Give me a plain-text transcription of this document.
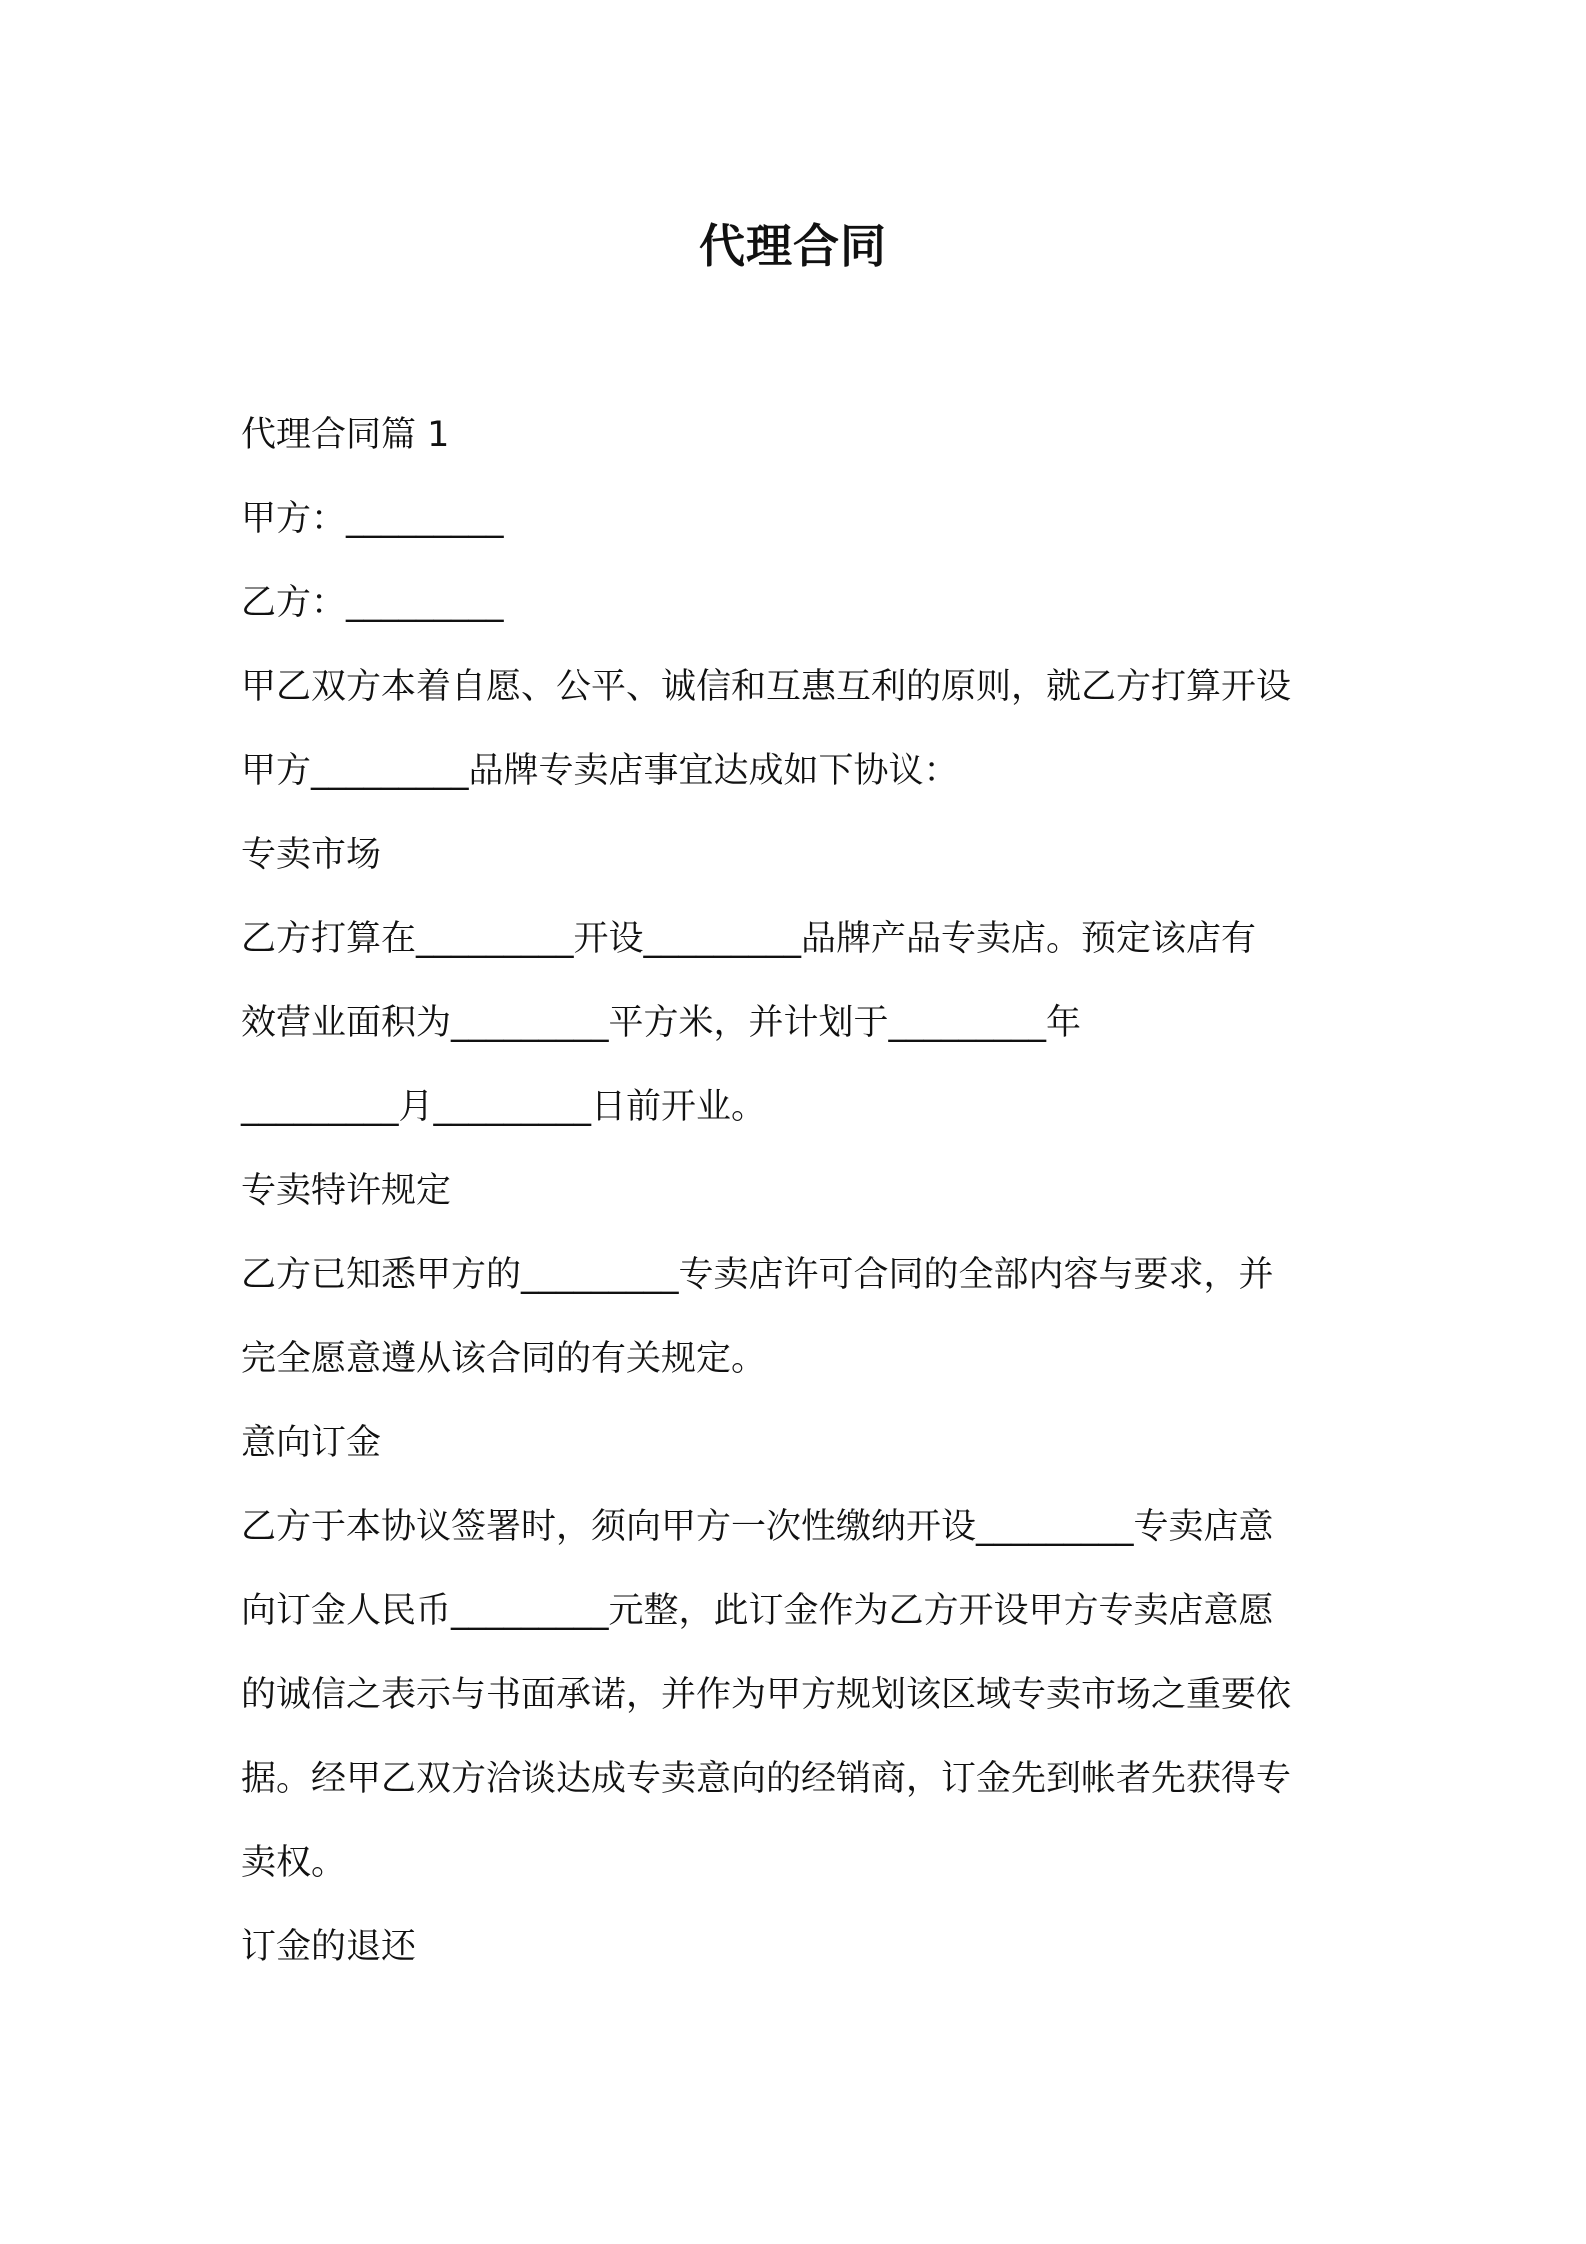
代理合同
代理合同篇 1
甲方：_________
乙方：_________
甲乙双方本着自愿、公平、诚信和互惠互利的原则，就乙方打算开设
甲方_________品牌专卖店事宜达成如下协议：
专卖市场
乙方打算在_________开设_________品牌产品专卖店。预定该店有
效营业面积为_________平方米，并计划于_________年
_________月_________日前开业。
专卖特许规定
乙方已知悉甲方的_________专卖店许可合同的全部内容与要求，并
完全愿意遵从该合同的有关规定。
意向订金
乙方于本协议签署时，须向甲方一次性缴纳开设_________专卖店意
向订金人民币_________元整，此订金作为乙方开设甲方专卖店意愿
的诚信之表示与书面承诺，并作为甲方规划该区域专卖市场之重要依
据。经甲乙双方洽谈达成专卖意向的经销商，订金先到帐者先获得专
卖权。
订金的退还
